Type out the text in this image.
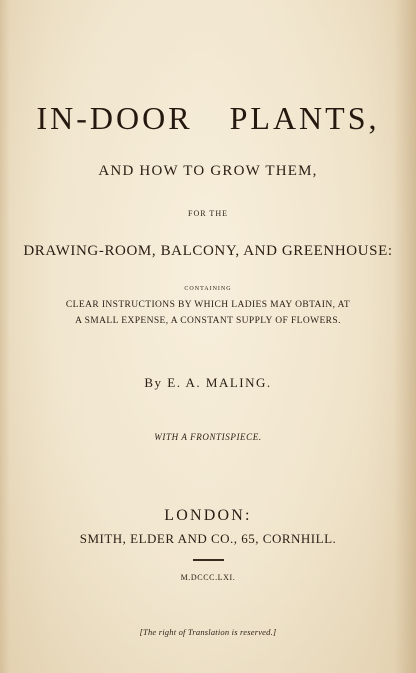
IN-DOOR PLANTS,
AND HOW TO GROW THEM,
FOR THE
DRAWING-ROOM, BALCONY, AND GREENHOUSE:
CONTAINING
CLEAR INSTRUCTIONS BY WHICH LADIES MAY OBTAIN, AT
A SMALL EXPENSE, A CONSTANT SUPPLY OF FLOWERS.
By E. A. MALING.
WITH A FRONTISPIECE.
LONDON:
SMITH, ELDER AND CO., 65, CORNHILL.
M.DCCC.LXI.
[The right of Translation is reserved.]
